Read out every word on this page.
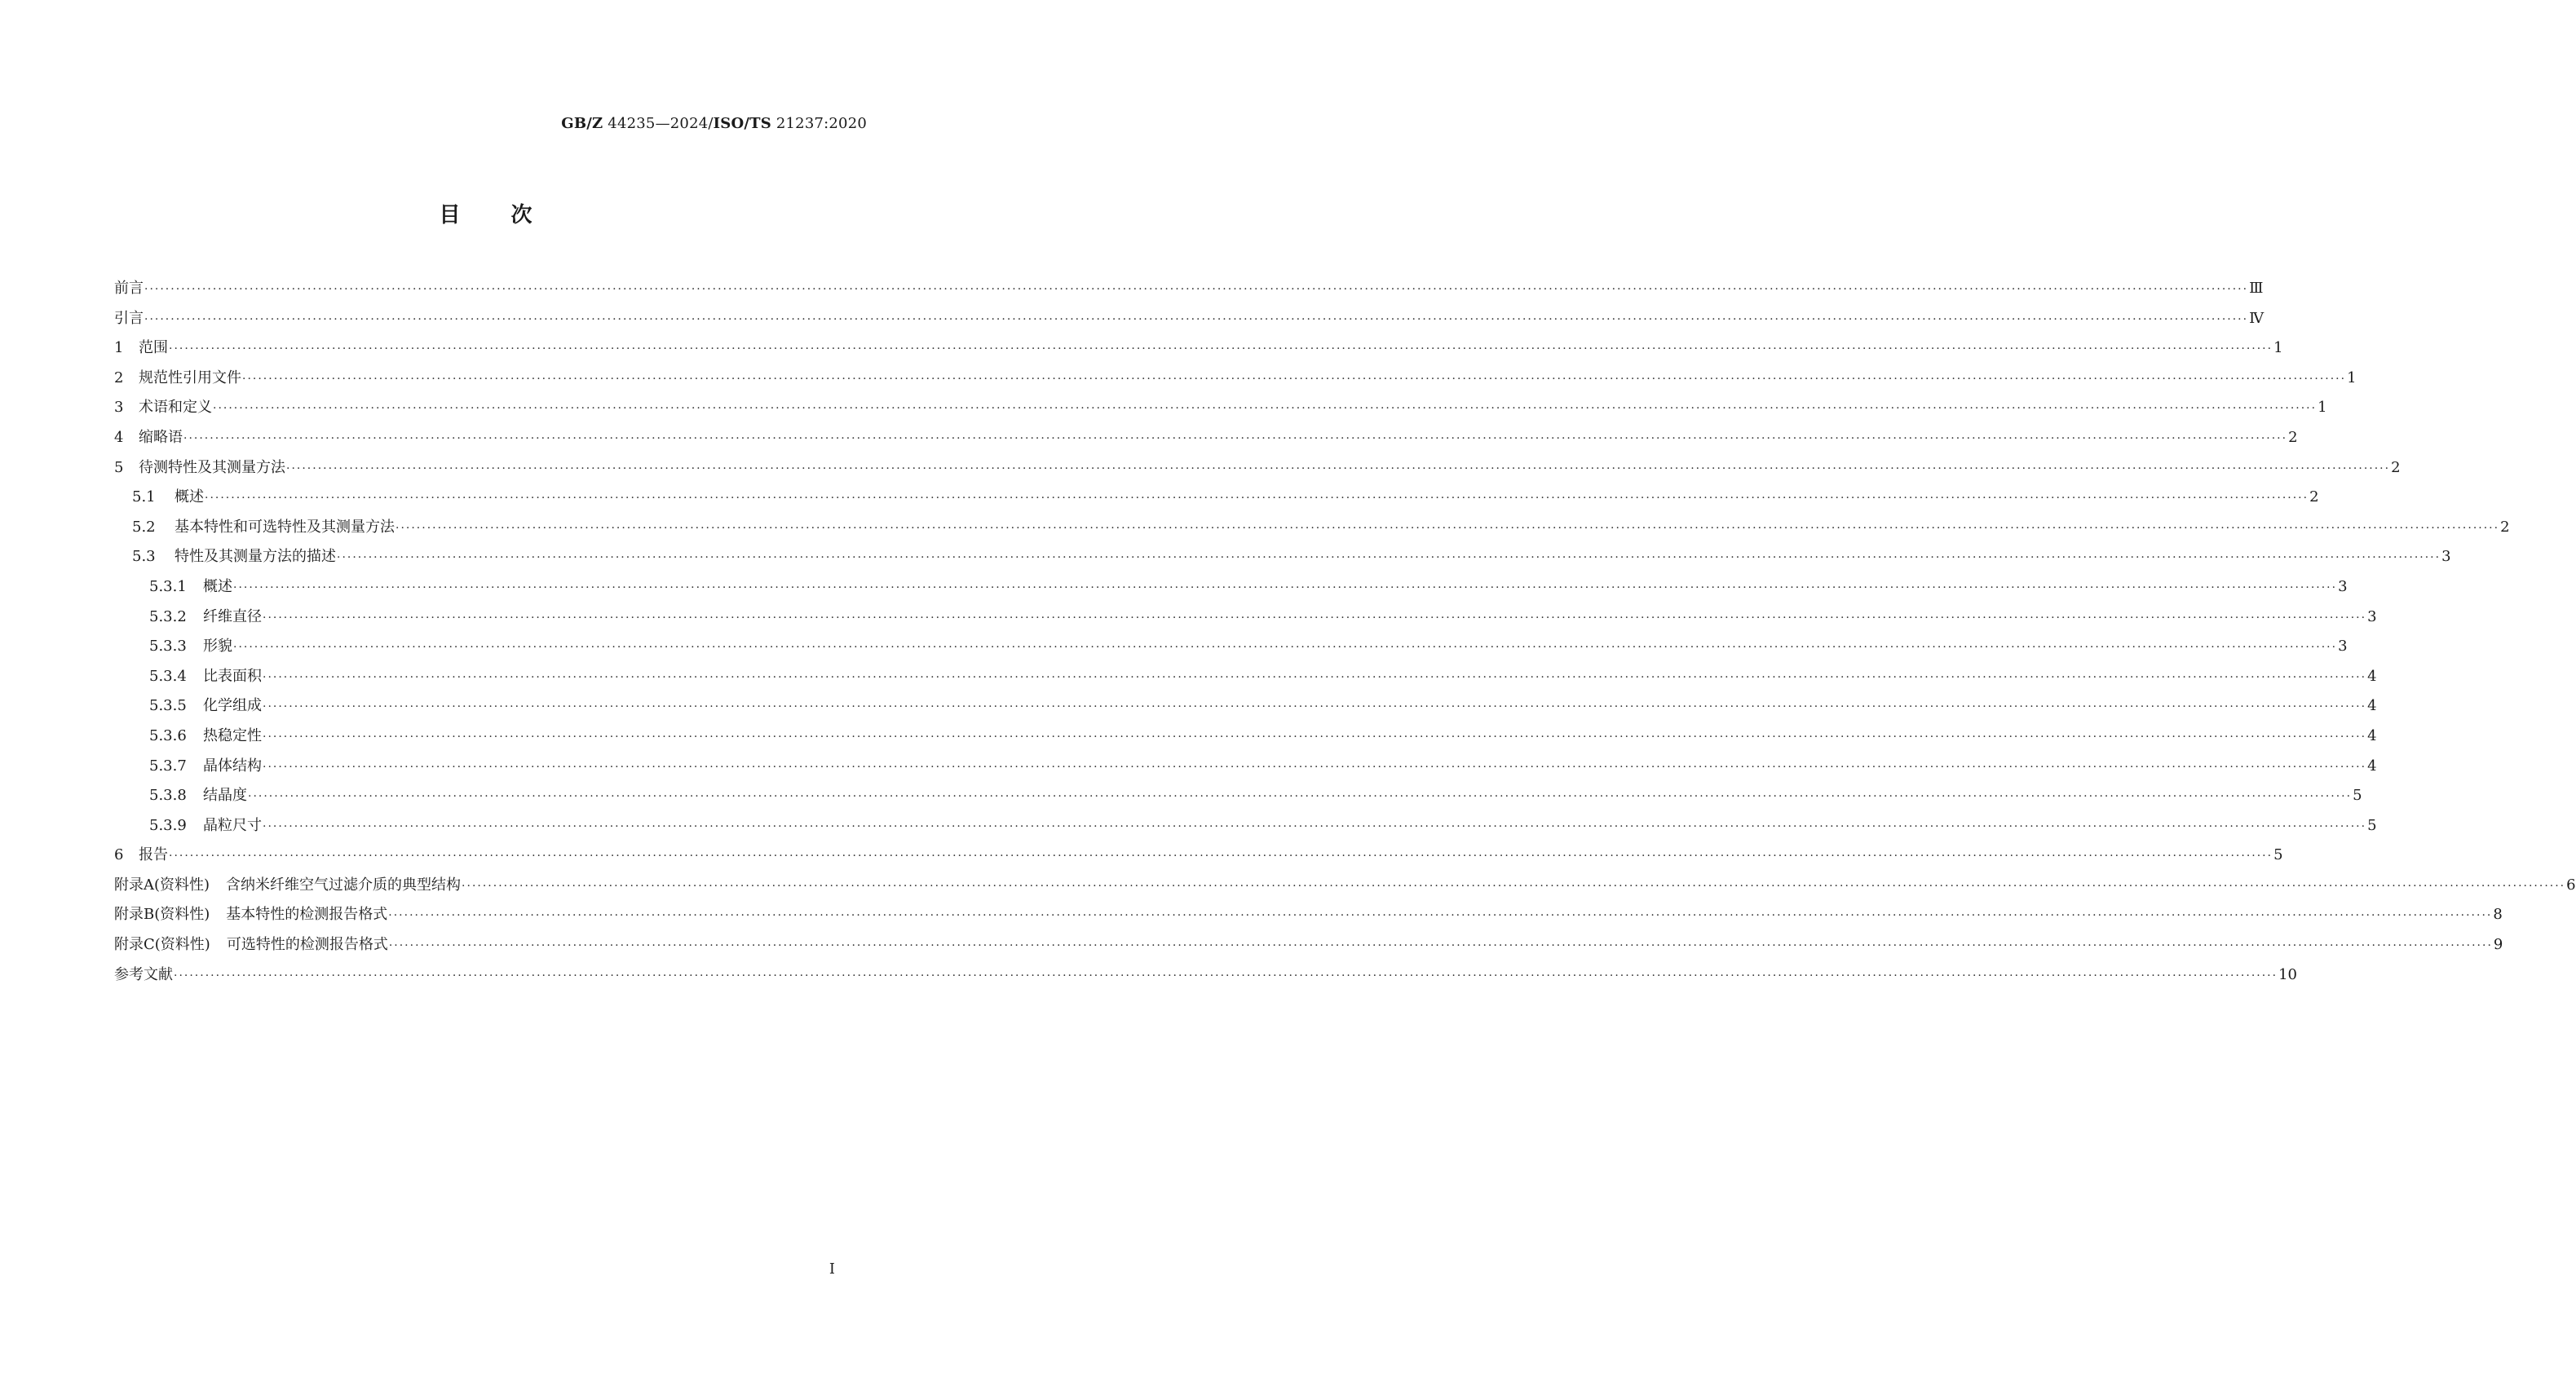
GB/Z 44235—2024/ISO/TS 21237:2020
目次
前言 ················································································································································································································································································································································································································ Ⅲ
引言 ················································································································································································································································································································································································································ Ⅳ
1 范围 ················································································································································································································································································································································································································ 1
2 规范性引用文件 ················································································································································································································································································································································································································ 1
3 术语和定义 ················································································································································································································································································································································································································ 1
4 缩略语 ················································································································································································································································································································································································································ 2
5 待测特性及其测量方法 ················································································································································································································································································································································································································ 2
5.1 概述 ················································································································································································································································································································································································································ 2
5.2 基本特性和可选特性及其测量方法 ················································································································································································································································································································································································································ 2
5.3 特性及其测量方法的描述 ················································································································································································································································································································································································································ 3
5.3.1 概述 ················································································································································································································································································································································································································ 3
5.3.2 纤维直径 ················································································································································································································································································································································································································ 3
5.3.3 形貌 ················································································································································································································································································································································································································ 3
5.3.4 比表面积 ················································································································································································································································································································································································································ 4
5.3.5 化学组成 ················································································································································································································································································································································································································ 4
5.3.6 热稳定性 ················································································································································································································································································································································································································ 4
5.3.7 晶体结构 ················································································································································································································································································································································································································ 4
5.3.8 结晶度 ················································································································································································································································································································································································································ 5
5.3.9 晶粒尺寸 ················································································································································································································································································································································································································ 5
6 报告 ················································································································································································································································································································································································································ 5
附录A(资料性) 含纳米纤维空气过滤介质的典型结构 ················································································································································································································································································································································································································ 6
附录B(资料性) 基本特性的检测报告格式 ················································································································································································································································································································································································································ 8
附录C(资料性) 可选特性的检测报告格式 ················································································································································································································································································································································································································ 9
参考文献 ················································································································································································································································································································································································································ 10
I
